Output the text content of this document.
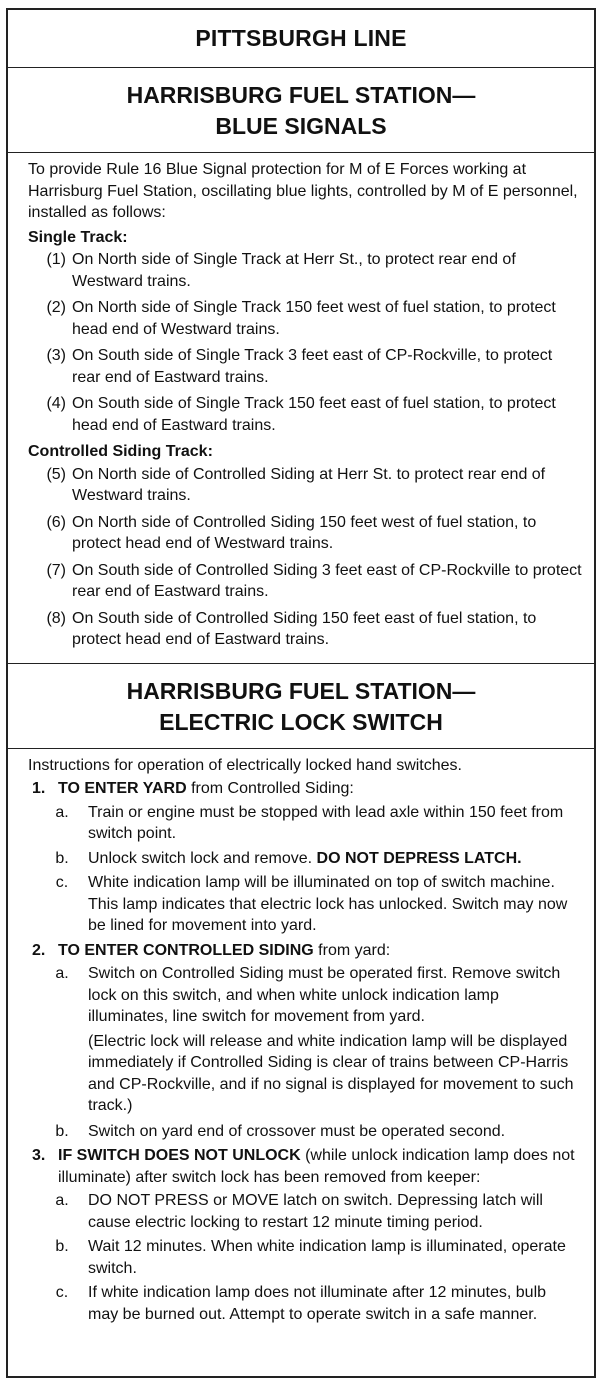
PITTSBURGH LINE
HARRISBURG FUEL STATION—
BLUE SIGNALS

To provide Rule 16 Blue Signal protection for M of E Forces working at Harrisburg Fuel Station, oscillating blue lights, controlled by M of E personnel, installed as follows:

Single Track:
(1) On North side of Single Track at Herr St., to protect rear end of Westward trains.
(2) On North side of Single Track 150 feet west of fuel station, to protect head end of Westward trains.
(3) On South side of Single Track 3 feet east of CP-Rockville, to protect rear end of Eastward trains.
(4) On South side of Single Track 150 feet east of fuel station, to protect head end of Eastward trains.
Controlled Siding Track:
(5) On North side of Controlled Siding at Herr St. to protect rear end of Westward trains.
(6) On North side of Controlled Siding 150 feet west of fuel station, to protect head end of Westward trains.
(7) On South side of Controlled Siding 3 feet east of CP-Rockville to protect rear end of Eastward trains.
(8) On South side of Controlled Siding 150 feet east of fuel station, to protect head end of Eastward trains.
HARRISBURG FUEL STATION—
ELECTRIC LOCK SWITCH

Instructions for operation of electrically locked hand switches.

1. TO ENTER YARD from Controlled Siding:
a.	Train or engine must be stopped with lead axle within 150 feet from switch point.
b.	Unlock switch lock and remove. DO NOT DEPRESS LATCH.
c.	White indication lamp will be illuminated on top of switch machine. This lamp indicates that electric lock has unlocked. Switch may now be lined for movement into yard.
2. TO ENTER CONTROLLED SIDING from yard:
a.	Switch on Controlled Siding must be operated first. Remove switch lock on this switch, and when white unlock indication lamp illuminates, line switch for movement from yard.
(Electric lock will release and white indication lamp will be displayed immediately if Controlled Siding is clear of trains between CP-Harris and CP-Rockville, and if no signal is displayed for movement to such track.)
b.	Switch on yard end of crossover must be operated second.
3. IF SWITCH DOES NOT UNLOCK (while unlock indication lamp does not illuminate) after switch lock has been removed from keeper:
a.	DO NOT PRESS or MOVE latch on switch. Depressing latch will cause electric locking to restart 12 minute timing period.
b.	Wait 12 minutes. When white indication lamp is illuminated, operate switch.
c.	If white indication lamp does not illuminate after 12 minutes, bulb may be burned out. Attempt to operate switch in a safe manner.
